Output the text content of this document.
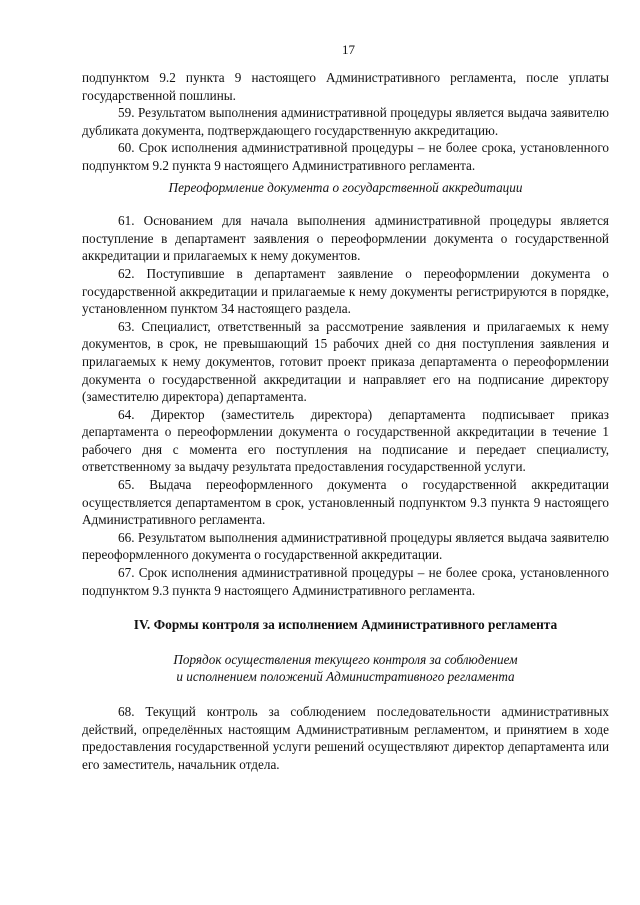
17

подпунктом 9.2 пункта 9 настоящего Административного регламента, после уплаты государственной пошлины.

59. Результатом выполнения административной процедуры является выдача заявителю дубликата документа, подтверждающего государственную аккредитацию.

60. Срок исполнения административной процедуры – не более срока, установленного подпунктом 9.2 пункта 9 настоящего Административного регламента.

Переоформление документа о государственной аккредитации

61. Основанием для начала выполнения административной процедуры является поступление в департамент заявления о переоформлении документа о государственной аккредитации и прилагаемых к нему документов.

62. Поступившие в департамент заявление о переоформлении документа о государственной аккредитации и прилагаемые к нему документы регистрируются в порядке, установленном пунктом 34 настоящего раздела.

63. Специалист, ответственный за рассмотрение заявления и прилагаемых к нему документов, в срок, не превышающий 15 рабочих дней со дня поступления заявления и прилагаемых к нему документов, готовит проект приказа департамента о переоформлении документа о государственной аккредитации и направляет его на подписание директору (заместителю директора) департамента.

64. Директор (заместитель директора) департамента подписывает приказ департамента о переоформлении документа о государственной аккредитации в течение 1 рабочего дня с момента его поступления на подписание и передает специалисту, ответственному за выдачу результата предоставления государственной услуги.

65. Выдача переоформленного документа о государственной аккредитации осуществляется департаментом в срок, установленный подпунктом 9.3 пункта 9 настоящего Административного регламента.

66. Результатом выполнения административной процедуры является выдача заявителю переоформленного документа о государственной аккредитации.

67. Срок исполнения административной процедуры – не более срока, установленного подпунктом 9.3 пункта 9 настоящего Административного регламента.

IV. Формы контроля за исполнением Административного регламента
Порядок осуществления текущего контроля за соблюдением
и исполнением положений Административного регламента

68. Текущий контроль за соблюдением последовательности административных действий, определённых настоящим Административным регламентом, и принятием в ходе предоставления государственной услуги решений осуществляют директор департамента или его заместитель, начальник отдела.
